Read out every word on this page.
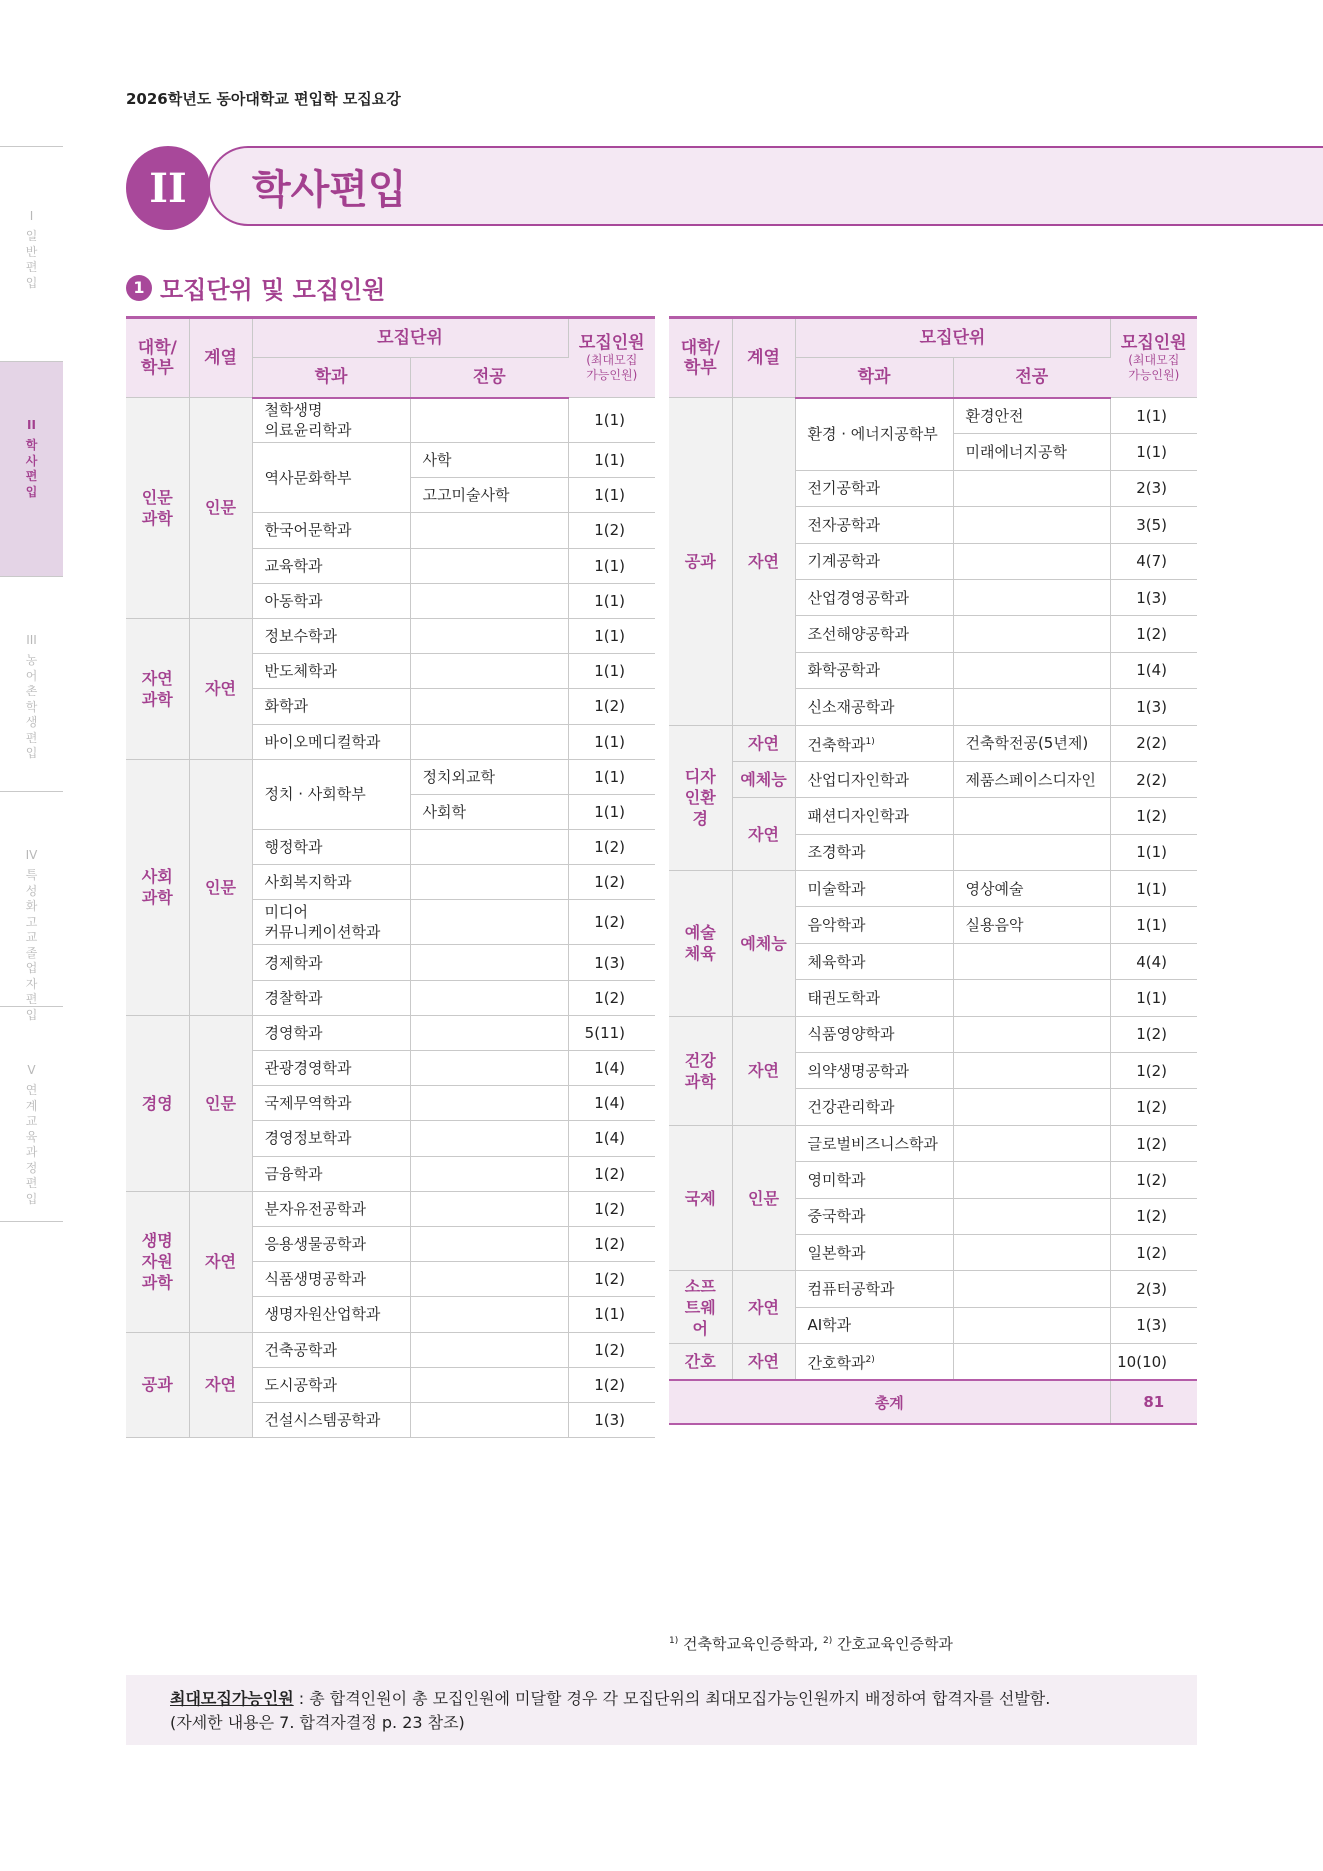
2026학년도 동아대학교 편입학 모집요강
I
일
반
편
입
II
학
사
편
입
III
농
어
촌
학
생
편
입
IV
특
성
화
고
교
졸
업
자
편
입
V
연
계
교
육
과
정
편
입
II	학사편입
1 모집단위 및 모집인원
대학/
학부	계열	모집단위		모집인원
(최대모집
가능인원)

		학과	전공	
인문
과학	인문	철학생명
의료윤리학과		1(1)
		역사문화학부	사학	1(1)
			고고미술사학	1(1)
		한국어문학과		1(2)
		교육학과		1(1)
		아동학과		1(1)
자연
과학	자연	정보수학과		1(1)
		반도체학과		1(1)
		화학과		1(2)
		바이오메디컬학과		1(1)
사회
과학	인문	정치 · 사회학부	정치외교학	1(1)
			사회학	1(1)
		행정학과		1(2)
		사회복지학과		1(2)
		미디어
커뮤니케이션학과		1(2)
		경제학과		1(3)
		경찰학과		1(2)
경영	인문	경영학과		5(11)
		관광경영학과		1(4)
		국제무역학과		1(4)
		경영정보학과		1(4)
		금융학과		1(2)
생명
자원
과학	자연	분자유전공학과		1(2)
		응용생물공학과		1(2)
		식품생명공학과		1(2)
		생명자원산업학과		1(1)
공과	자연	건축공학과		1(2)
		도시공학과		1(2)
		건설시스템공학과		1(3)
대학/
학부	계열	모집단위		모집인원
(최대모집
가능인원)

		학과	전공	
공과	자연	환경 · 에너지공학부	환경안전	1(1)
			미래에너지공학	1(1)
		전기공학과		2(3)
		전자공학과		3(5)
		기계공학과		4(7)
		산업경영공학과		1(3)
		조선해양공학과		1(2)
		화학공학과		1(4)
		신소재공학과		1(3)
디자
인환
경	자연	건축학과$^{1)}$	건축학전공(5년제)	2(2)
	예체능	산업디자인학과	제품스페이스디자인	2(2)
	자연	패션디자인학과		1(2)
		조경학과		1(1)
예술
체육	예체능	미술학과	영상예술	1(1)
		음악학과	실용음악	1(1)
		체육학과		4(4)
		태권도학과		1(1)
건강
과학	자연	식품영양학과		1(2)
		의약생명공학과		1(2)
		건강관리학과		1(2)
국제	인문	글로벌비즈니스학과		1(2)
		영미학과		1(2)
		중국학과		1(2)
		일본학과		1(2)
소프
트웨
어	자연	컴퓨터공학과		2(3)
		AI학과		1(3)
간호	자연	간호학과$^{2)}$		10(10)
총계				81
$^{1)}$ 건축학교육인증학과, $^{2)}$ 간호교육인증학과
최대모집가능인원 : 총 합격인원이 총 모집인원에 미달할 경우 각 모집단위의 최대모집가능인원까지 배정하여 합격자를 선발함.
(자세한 내용은 7. 합격자결정 p. 23 참조)
